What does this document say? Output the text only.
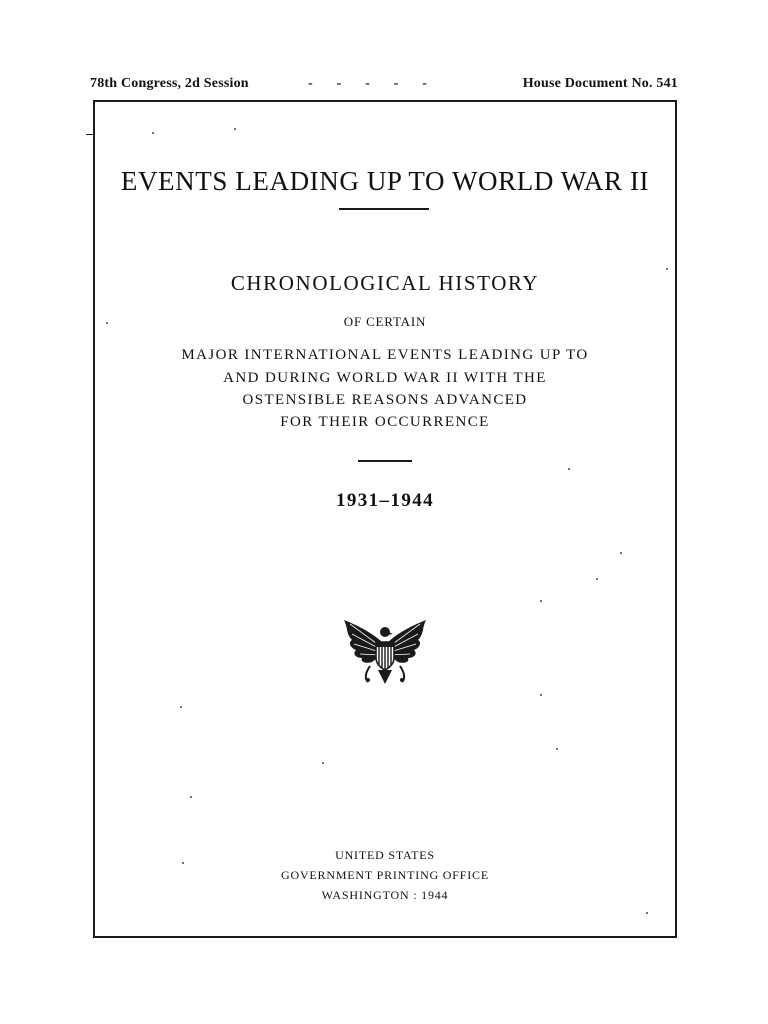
78th Congress, 2d Session	- - - - -	House Document No. 541
EVENTS LEADING UP TO WORLD WAR II
CHRONOLOGICAL HISTORY
OF CERTAIN
MAJOR INTERNATIONAL EVENTS LEADING UP TO
AND DURING WORLD WAR II WITH THE
OSTENSIBLE REASONS ADVANCED
FOR THEIR OCCURRENCE
1931–1944
UNITED STATES
GOVERNMENT PRINTING OFFICE
WASHINGTON : 1944
